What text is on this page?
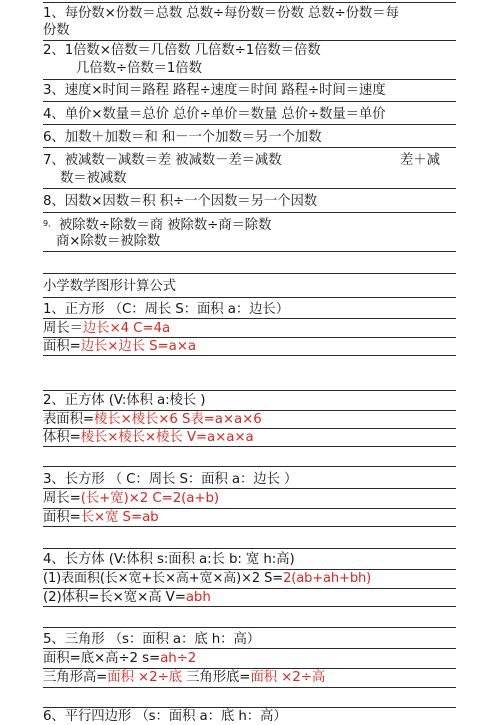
1、每份数×份数＝总数 总数÷每份数＝份数 总数÷份数＝每
份数
2、1倍数×倍数＝几倍数 几倍数÷1倍数＝倍数
几倍数÷倍数＝1倍数
3、速度×时间＝路程 路程÷速度＝时间 路程÷时间＝速度
4、单价×数量＝总价 总价÷单价＝数量 总价÷数量＝单价
6、加数＋加数＝和 和－一个加数＝另一个加数
7、被减数－减数＝差 被减数－差＝减数	差＋减
数＝被减数
8、因数×因数＝积 积÷一个因数＝另一个因数
$^{9、}$ 被除数÷除数＝商 被除数÷商＝除数
商×除数＝被除数
小学数学图形计算公式
1、正方形 （C：周长 S：面积 a：边长）
周长＝边长×4 C=4a
面积=边长×边长 S=a×a
2、正方体 (V:体积 a:棱长 )
表面积=棱长×棱长×6 S表=a×a×6
体积=棱长×棱长×棱长 V=a×a×a
3、长方形 （ C：周长 S：面积 a：边长 ）
周长=(长+宽)×2 C=2(a+b)
面积=长×宽 S=ab
4、长方体 (V:体积 s:面积 a:长 b: 宽 h:高)
(1)表面积(长×宽+长×高+宽×高)×2 S=2(ab+ah+bh)
(2)体积=长×宽×高 V=abh
5、三角形 （s：面积 a：底 h：高）
面积=底×高÷2 s=ah÷2
三角形高=面积 ×2÷底 三角形底=面积 ×2÷高
6、平行四边形 （s：面积 a：底 h：高）
